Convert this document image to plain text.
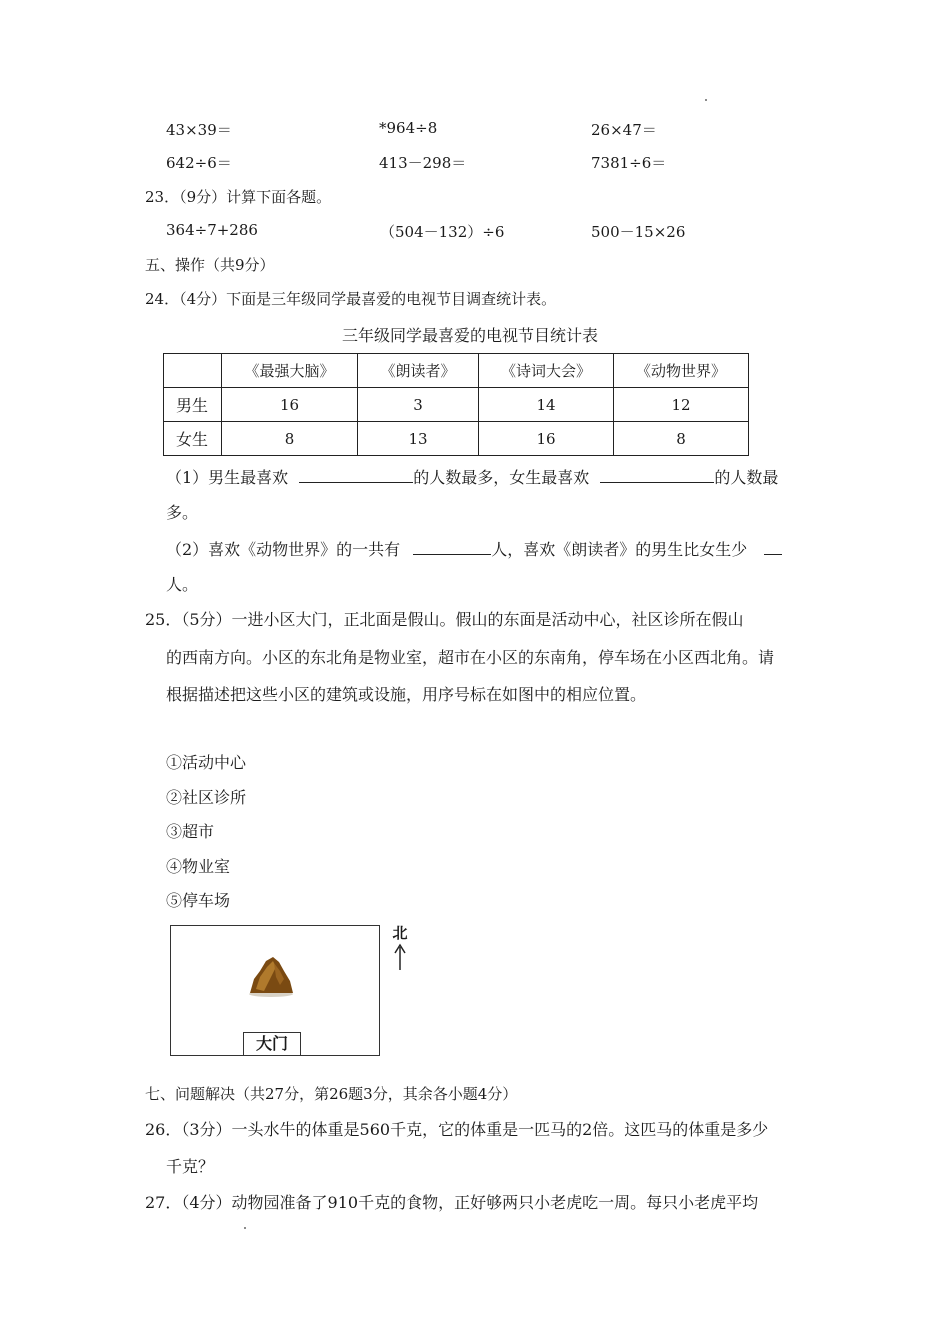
43×39＝	*964÷8	26×47＝
642÷6＝	413－298＝	7381÷6＝
23．（9分）计算下面各题。
364÷7+286	（504－132）÷6	500－15×26
五、操作（共9分）
24．（4分）下面是三年级同学最喜爱的电视节目调查统计表。
三年级同学最喜爱的电视节目统计表
	《最强大脑》	《朗读者》	《诗词大会》	《动物世界》
男生	16	3	14	12
女生	8	13	16	8
（1）男生最喜欢	的人数最多，女生最喜欢	的人数最
多。
（2）喜欢《动物世界》的一共有	人，喜欢《朗读者》的男生比女生少
人。
25．（5分）一进小区大门，正北面是假山。假山的东面是活动中心，社区诊所在假山
的西南方向。小区的东北角是物业室，超市在小区的东南角，停车场在小区西北角。请
根据描述把这些小区的建筑或设施，用序号标在如图中的相应位置。
①活动中心
②社区诊所
③超市
④物业室
⑤停车场
大门
北
七、问题解决（共27分，第26题3分，其余各小题4分）
26．（3分）一头水牛的体重是560千克，它的体重是一匹马的2倍。这匹马的体重是多少
千克？
27．（4分）动物园准备了910千克的食物，正好够两只小老虎吃一周。每只小老虎平均
